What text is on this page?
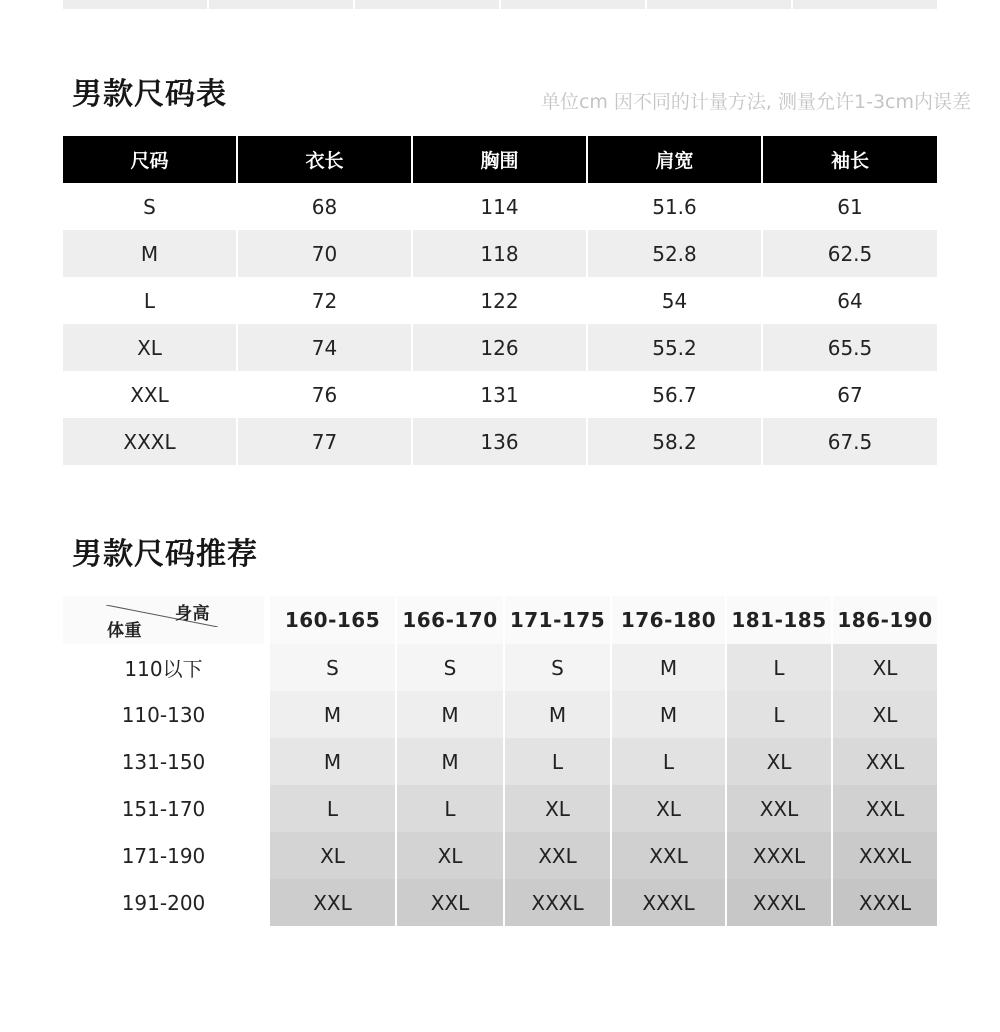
男款尺码表	单位cm 因不同的计量方法, 测量允许1-3cm内误差
尺码	衣长	胸围	肩宽	袖长
S	68	114	51.6	61
M	70	118	52.8	62.5
L	72	122	54	64
XL	74	126	55.2	65.5
XXL	76	131	56.7	67
XXXL	77	136	58.2	67.5
男款尺码推荐
身高
体重	160-165	166-170 171-175 176-180 181-185 186-190
110以下	S	S	S	M	L	XL
110-130	M	M	M	M	L	XL
131-150	M	M	L	L	XL	XXL
151-170	L	L	XL	XL	XXL	XXL
171-190	XL	XL	XXL	XXL	XXXL	XXXL
191-200	XXL	XXL	XXXL	XXXL	XXXL	XXXL
